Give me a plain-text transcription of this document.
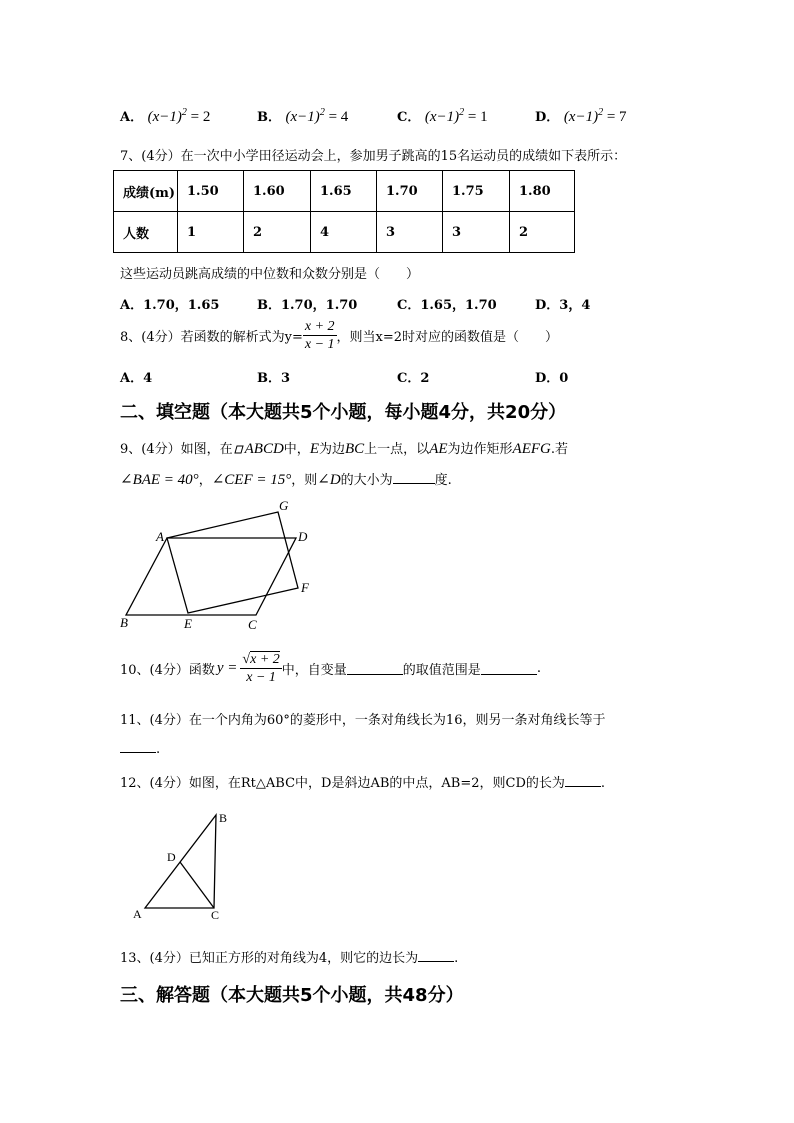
A． $(x-1)^2 = 2$	B． $(x-1)^2 = 4$	C． $(x-1)^2 = 1$	D． $(x-1)^2 = 7$
7、(4分）在一次中小学田径运动会上，参加男子跳高的15名运动员的成绩如下表所示：
成绩(m)	1.50	1.60	1.65	1.70	1.75	1.80
人数	1	2	4	3	3	2
这些运动员跳高成绩的中位数和众数分别是（　　）
A．1.70，1.65	B．1.70，1.70	C．1.65，1.70	D．3，4
8、(4分）若函数的解析式为$y= \frac{x + 2}{x - 1}$ ，则当x=2时对应的函数值是（　　）
A．4	B．3	C．2	D．0
二、填空题（本大题共5个小题，每小题4分，共20分）
9、(4分）如图，在 ABCD中，E为边BC上一点，以AE为边作矩形AEFG.若
∠BAE = 40°，∠CEF = 15°，则∠D的大小为	度.
A	D
G
F
B	E	C
10、(4分）函数 $y = \frac{√x + 2}{x - 1}$ 中，自变量	的取值范围是	.
11、(4分）在一个内角为60°的菱形中，一条对角线长为16，则另一条对角线长等于
.
12、(4分）如图，在Rt△ABC中，D是斜边AB的中点，AB=2，则CD的长为	.
B
D
A	C
13、(4分）已知正方形的对角线为4，则它的边长为	.
三、解答题（本大题共5个小题，共48分）
